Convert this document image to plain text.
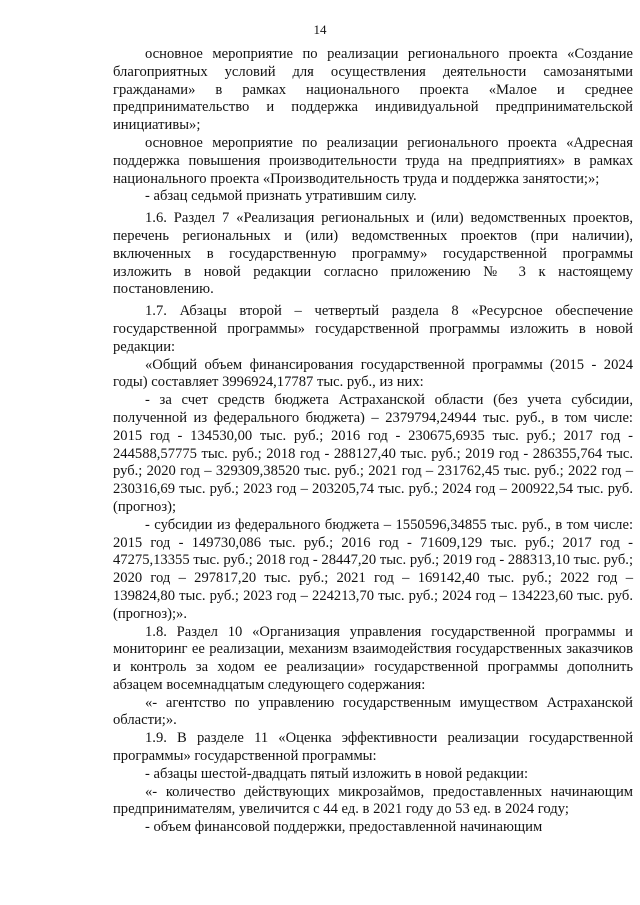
14

основное мероприятие по реализации регионального проекта «Создание благоприятных условий для осуществления деятельности самозанятыми гражданами» в рамках национального проекта «Малое и среднее предпринимательство и поддержка индивидуальной предпринимательской инициативы»;

основное мероприятие по реализации регионального проекта «Адресная поддержка повышения производительности труда на предприятиях» в рамках национального проекта «Производительность труда и поддержка занятости;»;

- абзац седьмой признать утратившим силу.

1.6. Раздел 7 «Реализация региональных и (или) ведомственных проектов, перечень региональных и (или) ведомственных проектов (при наличии), включенных в государственную программу» государственной программы изложить в новой редакции согласно приложению № 3 к настоящему постановлению.

1.7. Абзацы второй – четвертый раздела 8 «Ресурсное обеспечение государственной программы» государственной программы изложить в новой редакции:

«Общий объем финансирования государственной программы (2015 - 2024 годы) составляет 3996924,17787 тыс. руб., из них:

- за счет средств бюджета Астраханской области (без учета субсидии, полученной из федерального бюджета) – 2379794,24944 тыс. руб., в том числе: 2015 год - 134530,00 тыс. руб.; 2016 год - 230675,6935 тыс. руб.; 2017 год - 244588,57775 тыс. руб.; 2018 год - 288127,40 тыс. руб.; 2019 год - 286355,764 тыс. руб.; 2020 год – 329309,38520 тыс. руб.; 2021 год – 231762,45 тыс. руб.; 2022 год – 230316,69 тыс. руб.; 2023 год – 203205,74 тыс. руб.; 2024 год – 200922,54 тыс. руб. (прогноз);

- субсидии из федерального бюджета – 1550596,34855 тыс. руб., в том числе: 2015 год - 149730,086 тыс. руб.; 2016 год - 71609,129 тыс. руб.; 2017 год - 47275,13355 тыс. руб.; 2018 год - 28447,20 тыс. руб.; 2019 год - 288313,10 тыс. руб.; 2020 год – 297817,20 тыс. руб.; 2021 год – 169142,40 тыс. руб.; 2022 год – 139824,80 тыс. руб.; 2023 год – 224213,70 тыс. руб.; 2024 год – 134223,60 тыс. руб. (прогноз);».

1.8. Раздел 10 «Организация управления государственной программы и мониторинг ее реализации, механизм взаимодействия государственных заказчиков и контроль за ходом ее реализации» государственной программы дополнить абзацем восемнадцатым следующего содержания:

«- агентство по управлению государственным имуществом Астраханской области;».

1.9. В разделе 11 «Оценка эффективности реализации государственной программы» государственной программы:

- абзацы шестой-двадцать пятый изложить в новой редакции:

«- количество действующих микрозаймов, предоставленных начинающим предпринимателям, увеличится с 44 ед. в 2021 году до 53 ед. в 2024 году;

- объем финансовой поддержки, предоставленной начинающим
